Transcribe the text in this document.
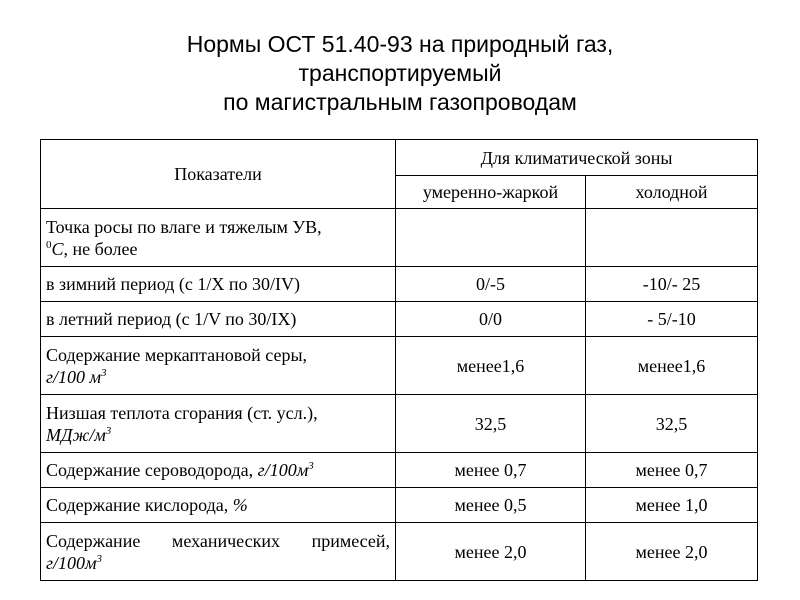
Нормы ОСТ 51.40-93 на природный газ,
транспортируемый
по магистральным газопроводам
Показатели	Для климатической зоны	
	умеренно-жаркой	холодной
Точка росы по влаге и тяжелым УВ,
$^0$С, не более		
в зимний период (с 1/X по 30/IV)	0/-5	-10/- 25
в летний период (с 1/V по 30/IX)	0/0	- 5/-10
Содержание меркаптановой серы,
г/100 $м^3$	менее1,6	менее1,6
Низшая теплота сгорания (ст. усл.),
МДж/$м^3$	32,5	32,5
Содержание сероводорода, $г/100м^3$	менее 0,7	менее 0,7
Содержание кислорода, %	менее 0,5	менее 1,0
Содержание механических примесей, $г/100м^3$	менее 2,0	менее 2,0
